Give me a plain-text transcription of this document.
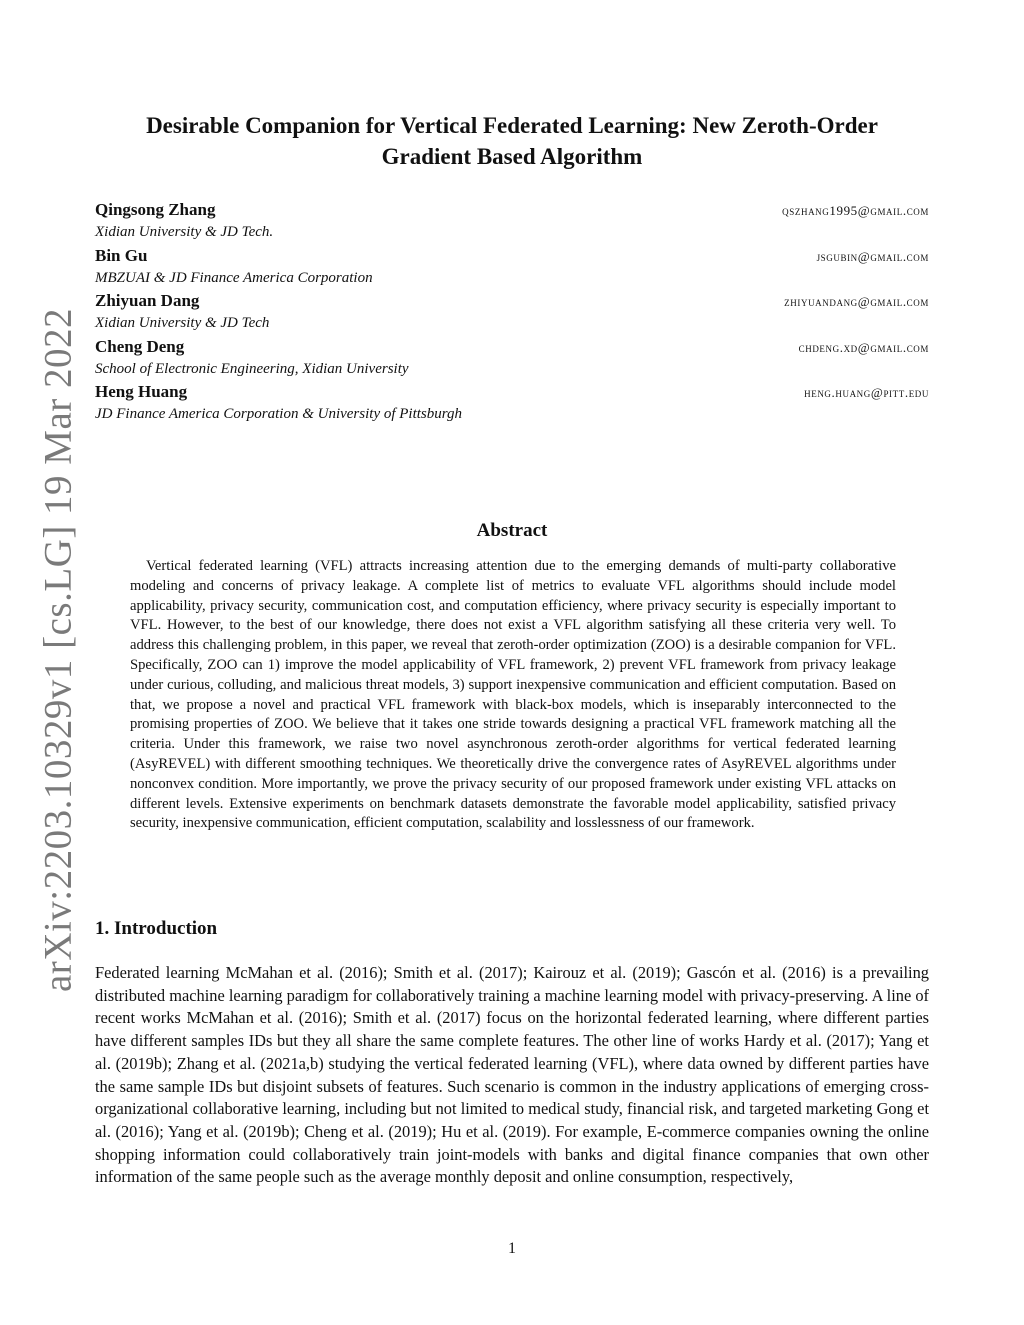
arXiv:2203.10329v1 [cs.LG] 19 Mar 2022
Desirable Companion for Vertical Federated Learning: New Zeroth-Order Gradient Based Algorithm
Qingsong Zhang	qszhang1995@gmail.com
Xidian University & JD Tech.
Bin Gu	jsgubin@gmail.com
MBZUAI & JD Finance America Corporation
Zhiyuan Dang	zhiyuandang@gmail.com
Xidian University & JD Tech
Cheng Deng	chdeng.xd@gmail.com
School of Electronic Engineering, Xidian University
Heng Huang	heng.huang@pitt.edu
JD Finance America Corporation & University of Pittsburgh
Abstract

Vertical federated learning (VFL) attracts increasing attention due to the emerging demands of multi-party collaborative modeling and concerns of privacy leakage. A complete list of metrics to evaluate VFL algorithms should include model applicability, privacy security, communication cost, and computation efficiency, where privacy security is especially important to VFL. However, to the best of our knowledge, there does not exist a VFL algorithm satisfying all these criteria very well. To address this challenging problem, in this paper, we reveal that zeroth-order optimization (ZOO) is a desirable companion for VFL. Specifically, ZOO can 1) improve the model applicability of VFL framework, 2) prevent VFL framework from privacy leakage under curious, colluding, and malicious threat models, 3) support inexpensive communication and efficient computation. Based on that, we propose a novel and practical VFL framework with black-box models, which is inseparably interconnected to the promising properties of ZOO. We believe that it takes one stride towards designing a practical VFL framework matching all the criteria. Under this framework, we raise two novel asynchronous zeroth-order algorithms for vertical federated learning (AsyREVEL) with different smoothing techniques. We theoretically drive the convergence rates of AsyREVEL algorithms under nonconvex condition. More importantly, we prove the privacy security of our proposed framework under existing VFL attacks on different levels. Extensive experiments on benchmark datasets demonstrate the favorable model applicability, satisfied privacy security, inexpensive communication, efficient computation, scalability and losslessness of our framework.

1. Introduction

Federated learning McMahan et al. (2016); Smith et al. (2017); Kairouz et al. (2019); Gascón et al. (2016) is a prevailing distributed machine learning paradigm for collaboratively training a machine learning model with privacy-preserving. A line of recent works McMahan et al. (2016); Smith et al. (2017) focus on the horizontal federated learning, where different parties have different samples IDs but they all share the same complete features. The other line of works Hardy et al. (2017); Yang et al. (2019b); Zhang et al. (2021a,b) studying the vertical federated learning (VFL), where data owned by different parties have the same sample IDs but disjoint subsets of features. Such scenario is common in the industry applications of emerging cross-organizational collaborative learning, including but not limited to medical study, financial risk, and targeted marketing Gong et al. (2016); Yang et al. (2019b); Cheng et al. (2019); Hu et al. (2019). For example, E-commerce companies owning the online shopping information could collaboratively train joint-models with banks and digital finance companies that own other information of the same people such as the average monthly deposit and online consumption, respectively,

1
